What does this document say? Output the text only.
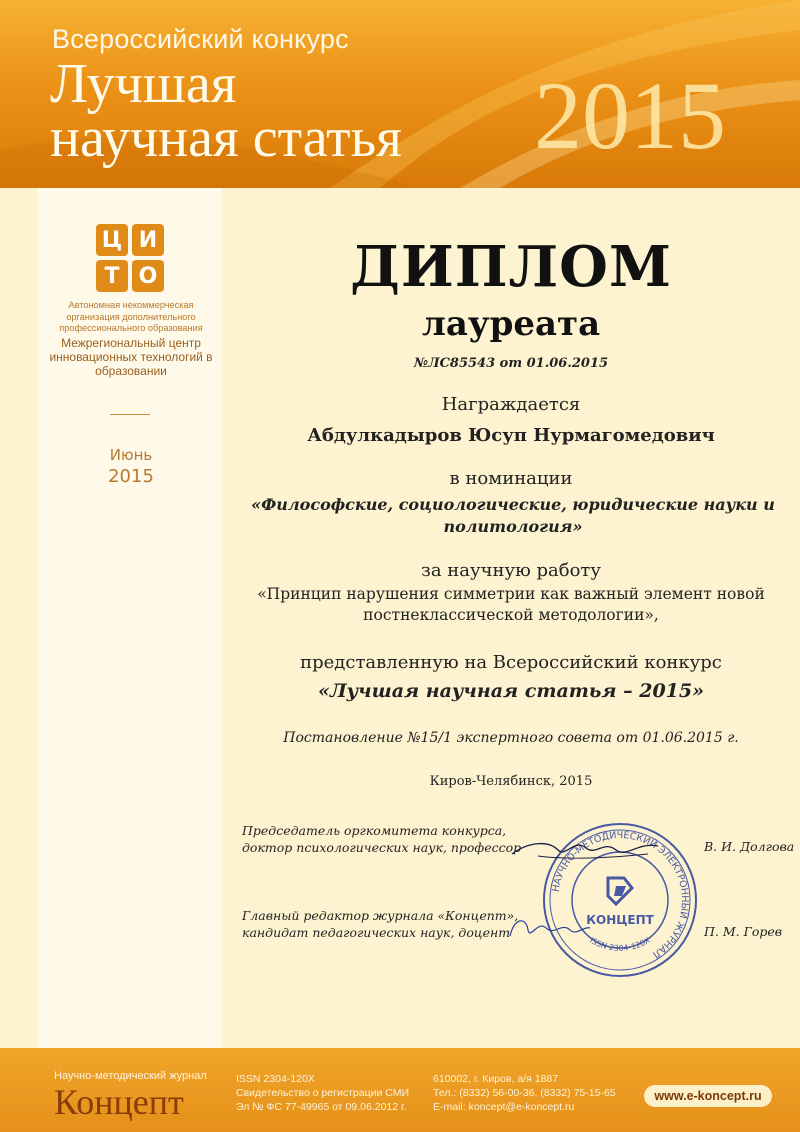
Всероссийский конкурс
Лучшая
научная статья 2015
Ц И
Т О
Автономная некоммерческая организация дополнительного профессионального образования
Межрегиональный центр инновационных технологий в образовании
Июнь
2015
ДИПЛОМ
лауреата
№ЛС85543 от 01.06.2015
Награждается
Абдулкадыров Юсуп Нурмагомедович
в номинации
«Философские, социологические, юридические науки и политология»
за научную работу
«Принцип нарушения симметрии как важный элемент новой постнеклассической методологии»,
представленную на Всероссийский конкурс
«Лучшая научная статья – 2015»
Постановление №15/1 экспертного совета от 01.06.2015 г.
Киров-Челябинск, 2015
НАУЧНО-МЕТОДИЧЕСКИЙ ЭЛЕКТРОННЫЙ ЖУРНАЛ
ISSN 2304-120X
КОНЦЕПТ
Председатель оргкомитета конкурса,
доктор психологических наук, профессор	В. И. Долгова
Главный редактор журнала «Концепт»,
кандидат педагогических наук, доцент	П. М. Горев
Научно-методический журнал
Концепт
ISSN 2304-120X
Свидетельство о регистрации СМИ
Эл № ФС 77-49965 от 09.06.2012 г.
610002, г. Киров, а/я 1887
Тел.: (8332) 56-00-36, (8332) 75-15-65
E-mail: koncept@e-koncept.ru
www.e-koncept.ru
